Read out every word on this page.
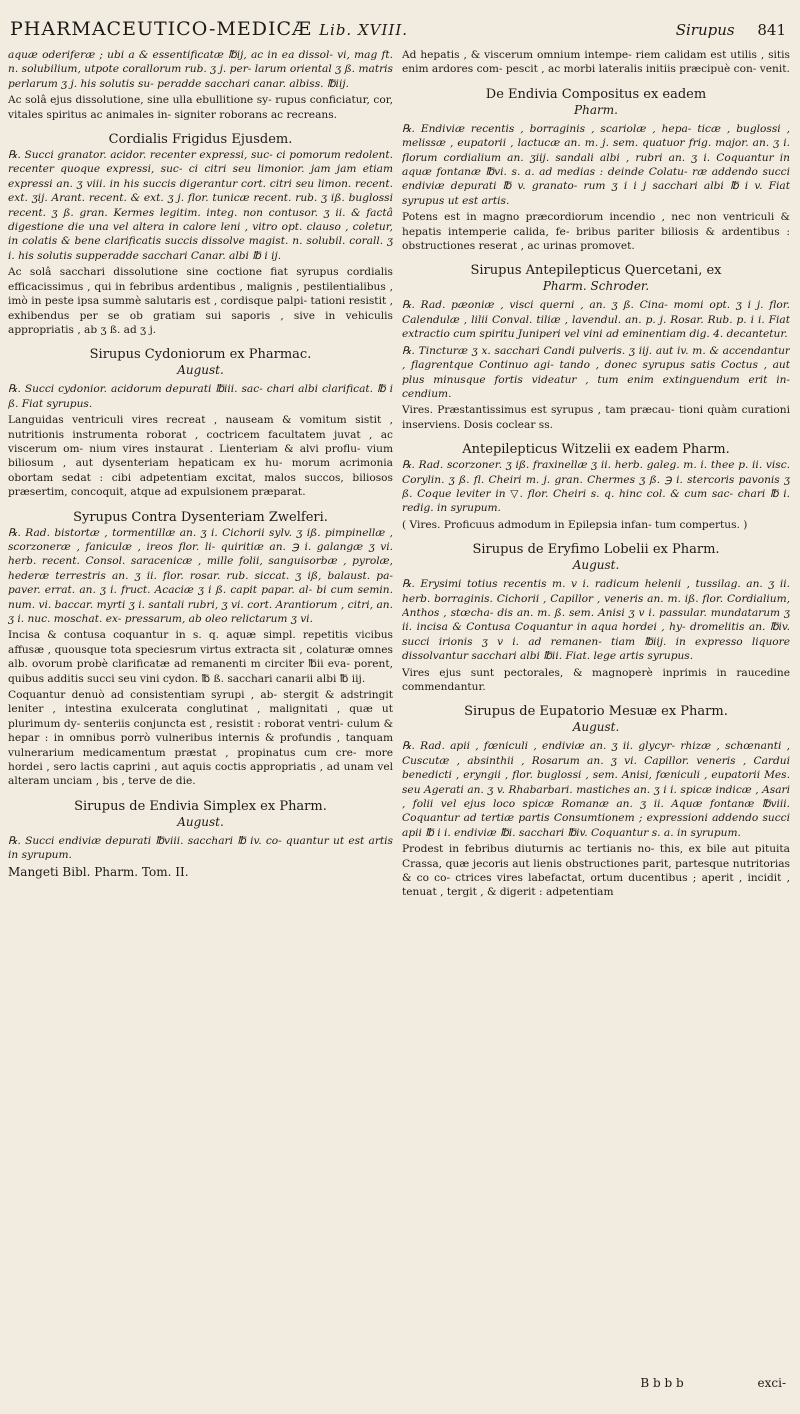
PHARMACEUTICO-MEDICÆ Lib. XVIII.	Sirupus 841

aquæ oderiferæ ; ubi a & essentificatæ ℔ij, ac in ea dissol- vi, mag ft. n. solubilium, utpote corallorum rub. ʒ j. per- larum oriental ʒ ß. matris perlarum ʒ j. his solutis su- peradde sacchari canar. albiss. ℔iij.

Ac solâ ejus dissolutione, sine ulla ebullitione sy- rupus conficiatur, cor, vitales spiritus ac animales in- signiter roborans ac recreans.

Cordialis Frigidus Ejusdem.

℞. Succi granator. acidor. recenter expressi, suc- ci pomorum redolent. recenter quoque expressi, suc- ci citri seu limonior. jam jam etiam expressi an. ʒ viii. in his succis digerantur cort. citri seu limon. recent. ext. ʒij. Arant. recent. & ext. ʒ j. flor. tunicæ recent. rub. ʒ iß. buglossi recent. ʒ ß. gran. Kermes legitim. integ. non contusor. ʒ ii. & factâ digestione die una vel altera in calore leni , vitro opt. clauso , coletur, in colatis & bene clarificatis succis dissolve magist. n. solubil. corall. ʒ i. his solutis supperadde sacchari Canar. albi ℔ i ij.

Ac solâ sacchari dissolutione sine coctione fiat syrupus cordialis efficacissimus , qui in febribus ardentibus , malignis , pestilentialibus , imò in peste ipsa summè salutaris est , cordisque palpi- tationi resistit , exhibendus per se ob gratiam sui saporis , sive in vehiculis appropriatis , ab ʒ ß. ad ʒ j.

Sirupus Cydoniorum ex Pharmac.
August.

℞. Succi cydonior. acidorum depurati ℔iii. sac- chari albi clarificat. ℔ i ß. Fiat syrupus.

Languidas ventriculi vires recreat , nauseam & vomitum sistit , nutritionis instrumenta roborat , coctricem facultatem juvat , ac viscerum om- nium vires instaurat . Lienteriam & alvi proflu- vium biliosum , aut dysenteriam hepaticam ex hu- morum acrimonia obortam sedat : cibi adpetentiam excitat, malos succos, biliosos præsertim, concoquit, atque ad expulsionem præparat.

Syrupus Contra Dysenteriam Zwelferi.

℞. Rad. bistortæ , tormentillæ an. ʒ i. Cichorii sylv. ʒ iß. pimpinellæ , scorzoneræ , faniculæ , ireos flor. li- quiritiæ an. ℈ i. galangæ ʒ vi. herb. recent. Consol. saracenicæ , mille folii, sanguisorbæ , pyrolæ, hederæ terrestris an. ʒ ii. flor. rosar. rub. siccat. ʒ iß, balaust. pa- paver. errat. an. ʒ i. fruct. Acaciæ ʒ i ß. capit papar. al- bi cum semin. num. vi. baccar. myrti ʒ i. santali rubri, ʒ vi. cort. Arantiorum , citri, an. ʒ i. nuc. moschat. ex- pressarum, ab oleo relictarum ʒ vi.

Incisa & contusa coquantur in s. q. aquæ simpl. repetitis vicibus affusæ , quousque tota speciesrum virtus extracta sit , colaturæ omnes alb. ovorum probè clarificatæ ad remanenti m circiter ℔ii eva- porent, quibus additis succi seu vini cydon. ℔ ß. sacchari canarii albi ℔ iij.

Coquantur denuò ad consistentiam syrupi , ab- stergit & adstringit leniter , intestina exulcerata conglutinat , malignitati , quæ ut plurimum dy- senteriis conjuncta est , resistit : roborat ventri- culum & hepar : in omnibus porrò vulneribus internis & profundis , tanquam vulnerarium medicamentum præstat , propinatus cum cre- more hordei , sero lactis caprini , aut aquis coctis appropriatis , ad unam vel alteram unciam , bis , terve de die.

Sirupus de Endivia Simplex ex Pharm.
August.

℞. Succi endiviæ depurati ℔viii. sacchari ℔ iv. co- quantur ut est artis in syrupum.

Mangeti Bibl. Pharm. Tom. II.

Ad hepatis , & viscerum omnium intempe- riem calidam est utilis , sitis enim ardores com- pescit , ac morbi lateralis initiis præcipuè con- venit.

De Endivia Compositus ex eadem
Pharm.

℞. Endiviæ recentis , borraginis , scariolæ , hepa- ticæ , buglossi , melissæ , eupatorii , lactucæ an. m. j. sem. quatuor frig. major. an. ʒ i. florum cordialium an. ʒiij. sandali albi , rubri an. ʒ i. Coquantur in aquæ fontanæ ℔vi. s. a. ad medias : deinde Colatu- ræ addendo succi endiviæ depurati ℔ v. granato- rum ʒ i i j sacchari albi ℔ i v. Fiat syrupus ut est artis.

Potens est in magno præcordiorum incendio , nec non ventriculi & hepatis intemperie calida, fe- bribus pariter biliosis & ardentibus : obstructiones reserat , ac urinas promovet.

Sirupus Antepilepticus Quercetani, ex
Pharm. Schroder.

℞. Rad. pæoniæ , visci querni , an. ʒ ß. Cina- momi opt. ʒ i j. flor. Calendulæ , lilii Conval. tiliæ , lavendul. an. p. j. Rosar. Rub. p. i i. Fiat extractio cum spiritu Juniperi vel vini ad eminentiam dig. 4. decantetur.

℞. Tincturæ ʒ x. sacchari Candi pulveris. ʒ iij. aut iv. m. & accendantur , flagrentque Continuo agi- tando , donec syrupus satis Coctus , aut plus minusque fortis videatur , tum enim extinguendum erit in- cendium.

Vires. Præstantissimus est syrupus , tam præcau- tioni quàm curationi inserviens. Dosis coclear ss.

Antepilepticus Witzelii ex eadem Pharm.

℞. Rad. scorzoner. ʒ iß. fraxinellæ ʒ ii. herb. galeg. m. i. thee p. ii. visc. Corylin. ʒ ß. fl. Cheiri m. j. gran. Chermes ʒ ß. ℈ i. stercoris pavonis ʒ ß. Coque leviter in ▽. flor. Cheiri s. q. hinc col. & cum sac- chari ℔ i. redig. in syrupum.

( Vires. Proficuus admodum in Epilepsia infan- tum compertus. )

Sirupus de Eryfimo Lobelii ex Pharm.
August.

℞. Erysimi totius recentis m. v i. radicum helenii , tussilag. an. ʒ ii. herb. borraginis. Cichorii , Capillor , veneris an. m. iß. flor. Cordialium, Anthos , stœcha- dis an. m. ß. sem. Anisi ʒ v i. passular. mundatarum ʒ ii. incisa & Contusa Coquantur in aqua hordei , hy- dromelitis an. ℔iv. succi irionis ʒ v i. ad remanen- tiam ℔iij. in expresso liquore dissolvantur sacchari albi ℔ii. Fiat. lege artis syrupus.

Vires ejus sunt pectorales, & magnoperè inprimis in raucedine commendantur.

Sirupus de Eupatorio Mesuæ ex Pharm.
August.

℞. Rad. apii , fœniculi , endiviæ an. ʒ ii. glycyr- rhizæ , schœnanti , Cuscutæ , absinthii , Rosarum an. ʒ vi. Capillor. veneris , Cardui benedicti , eryngii , flor. buglossi , sem. Anisi, fœniculi , eupatorii Mes. seu Agerati an. ʒ v. Rhabarbari. mastiches an. ʒ i i. spicæ indicæ , Asari , folii vel ejus loco spicæ Romanæ an. ʒ ii. Aquæ fontanæ ℔viii. Coquantur ad tertiæ partis Consumtionem ; expressioni addendo succi apii ℔ i i. endiviæ ℔i. sacchari ℔iv. Coquantur s. a. in syrupum.

Prodest in febribus diuturnis ac tertianis no- this, ex bile aut pituita Crassa, quæ jecoris aut lienis obstructiones parit, partesque nutritorias & co co- ctrices vires labefactat, ortum ducentibus ; aperit , incidit , tenuat , tergit , & digerit : adpetentiam

B b b b	exci-
